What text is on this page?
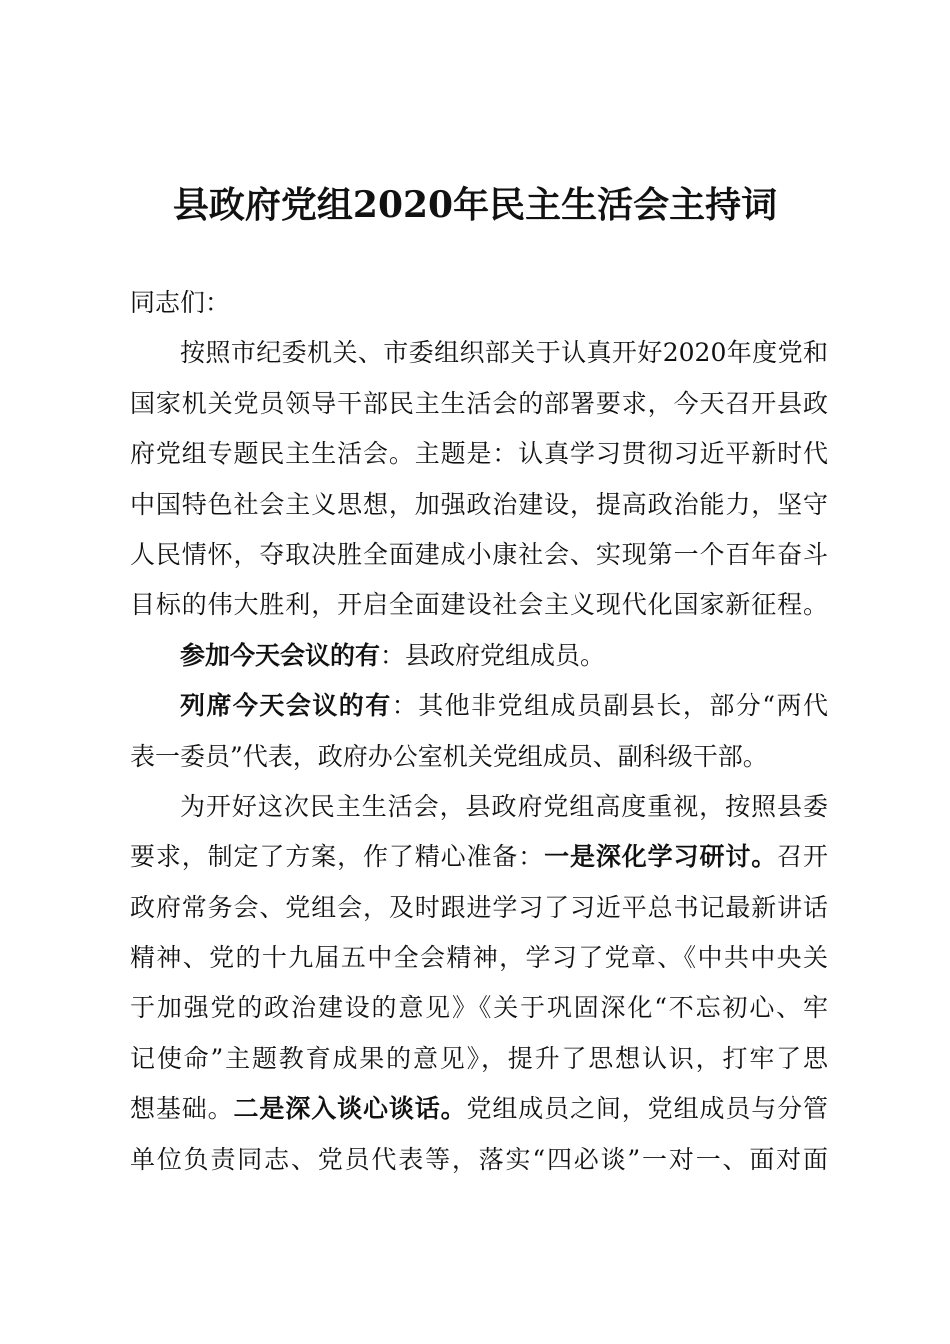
县政府党组2020年民主生活会主持词
同志们：
按照市纪委机关、市委组织部关于认真开好2020年度党和
国家机关党员领导干部民主生活会的部署要求，今天召开县政
府党组专题民主生活会。主题是：认真学习贯彻习近平新时代
中国特色社会主义思想，加强政治建设，提高政治能力，坚守
人民情怀，夺取决胜全面建成小康社会、实现第一个百年奋斗
目标的伟大胜利，开启全面建设社会主义现代化国家新征程。
参加今天会议的有：县政府党组成员。
列席今天会议的有：其他非党组成员副县长，部分“两代
表一委员”代表，政府办公室机关党组成员、副科级干部。
为开好这次民主生活会，县政府党组高度重视，按照县委
要求，制定了方案，作了精心准备：一是深化学习研讨。召开
政府常务会、党组会，及时跟进学习了习近平总书记最新讲话
精神、党的十九届五中全会精神，学习了党章、《中共中央关
于加强党的政治建设的意见》《关于巩固深化“不忘初心、牢
记使命”主题教育成果的意见》，提升了思想认识，打牢了思
想基础。二是深入谈心谈话。党组成员之间，党组成员与分管
单位负责同志、党员代表等，落实“四必谈”一对一、面对面
